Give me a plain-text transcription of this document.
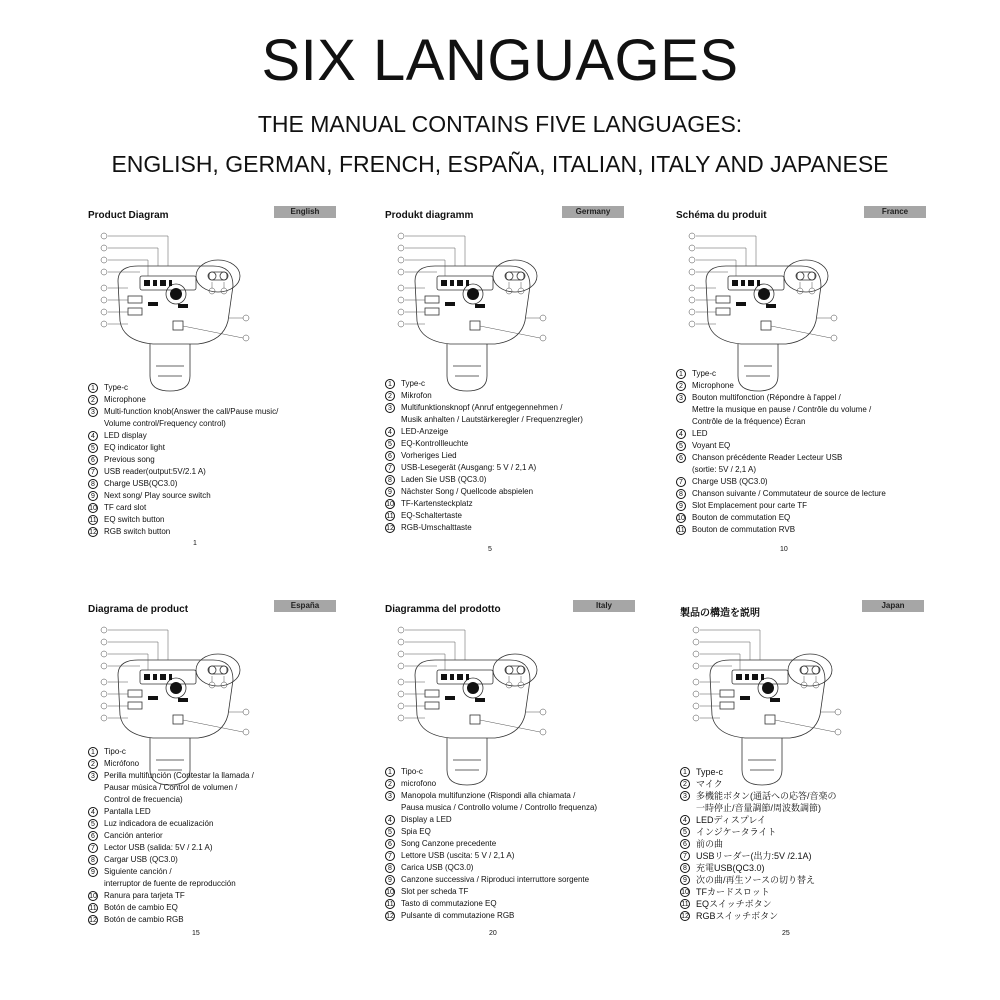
SIX LANGUAGES
THE MANUAL CONTAINS FIVE LANGUAGES:
ENGLISH, GERMAN, FRENCH, ESPAÑA, ITALIAN, ITALY AND JAPANESE
Product Diagram	English
1	Type-c
2	Microphone
3	Multi-function knob(Answer the call/Pause music/
Volume control/Frequency control)
4	LED display
5	EQ indicator light
6	Previous song
7	USB reader(output:5V/2.1 A)
8	Charge USB(QC3.0)
9	Next song/ Play source switch
10 TF card slot
11 EQ switch button
12 RGB switch button
1
Produkt diagramm	Germany
1	Type-c
2	Mikrofon
3	Multifunktionsknopf (Anruf entgegennehmen /
Musik anhalten / Lautstärkeregler / Frequenzregler)
4	LED-Anzeige
5	EQ-Kontrollleuchte
6	Vorheriges Lied
7	USB-Lesegerät (Ausgang: 5 V / 2,1 A)
8	Laden Sie USB (QC3.0)
9	Nächster Song / Quellcode abspielen
10 TF-Kartensteckplatz
11 EQ-Schaltertaste
12 RGB-Umschalttaste
5
Schéma du produit	France
1	Type-c
2	Microphone
3	Bouton multifonction (Répondre à l'appel /
Mettre la musique en pause / Contrôle du volume /
Contrôle de la fréquence) Écran
4	LED
5	Voyant EQ
6	Chanson précédente Reader Lecteur USB
(sortie: 5V / 2,1 A)
7	Charge USB (QC3.0)
8	Chanson suivante / Commutateur de source de lecture
9	Slot Emplacement pour carte TF
10 Bouton de commutation EQ
11 Bouton de commutation RVB
10
Diagrama de product	España
1	Tipo-c
2	Micrófono
3	Perilla multifunción (Contestar la llamada /
Pausar música / Control de volumen /
Control de frecuencia)
4	Pantalla LED
5	Luz indicadora de ecualización
6	Canción anterior
7	Lector USB (salida: 5V / 2.1 A)
8	Cargar USB (QC3.0)
9	Siguiente canción /
interruptor de fuente de reproducción
10 Ranura para tarjeta TF
11 Botón de cambio EQ
12 Botón de cambio RGB
15
Diagramma del prodotto	Italy
1	Tipo-c
2	microfono
3	Manopola multifunzione (Rispondi alla chiamata /
Pausa musica / Controllo volume / Controllo frequenza)
4	Display a LED
5	Spia EQ
6	Song Canzone precedente
7	Lettore USB (uscita: 5 V / 2,1 A)
8	Carica USB (QC3.0)
9	Canzone successiva / Riproduci interruttore sorgente
10 Slot per scheda TF
11 Tasto di commutazione EQ
12 Pulsante di commutazione RGB
20
製品の構造を説明
Japan
1	Type-c
2	マイク
3	多機能ボタン(通話への応答/音楽の
一時停止/音量調節/周波数調節)
4	LEDディスプレイ
5	インジケータライト
6	前の曲
7	USBリーダー(出力:5V /2.1A)
8	充電USB(QC3.0)
9	次の曲/再生ソースの切り替え
10 TFカードスロット
11 EQスイッチボタン
12 RGBスイッチボタン
25
